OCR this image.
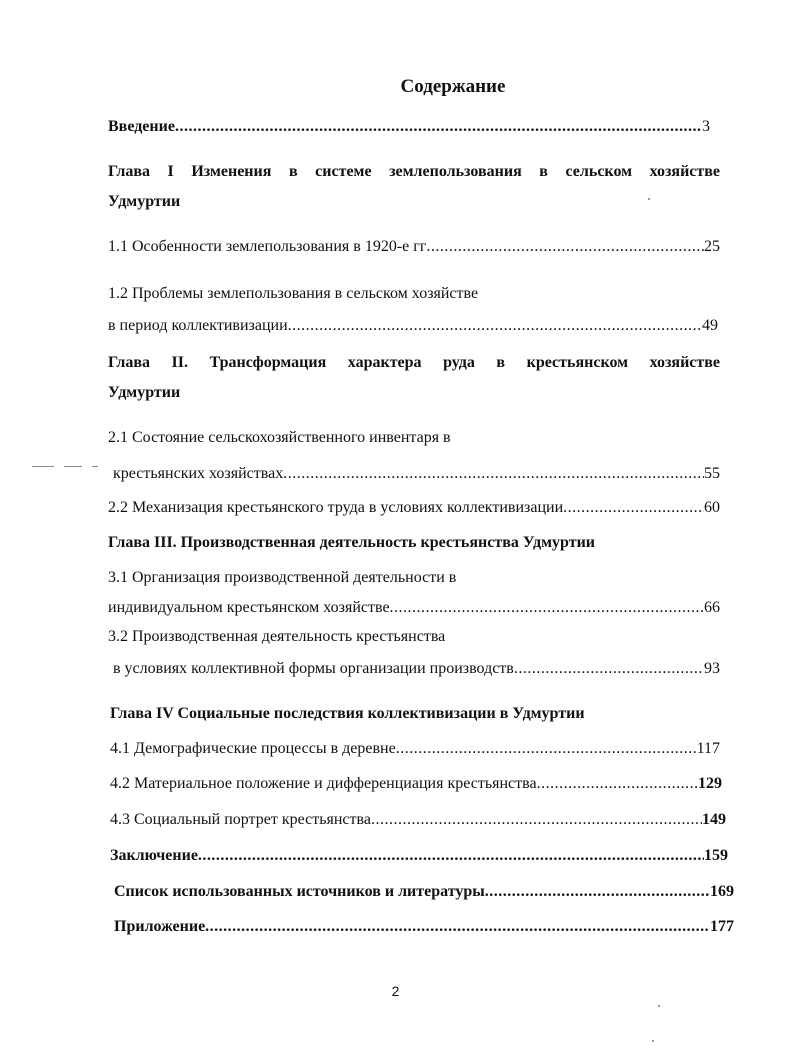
Содержание
Введение .....	3
Глава I Изменения в системе землепользования в сельском хозяйстве
Удмуртии
1.1 Особенности землепользования в 1920-е гг .....	25
1.2 Проблемы землепользования в сельском хозяйстве
в период коллективизации .....	49
Глава II. Трансформация характера руда в крестьянском хозяйстве
Удмуртии
2.1 Состояние сельскохозяйственного инвентаря в
крестьянских хозяйствах .....	55
2.2 Механизация крестьянского труда в условиях коллективизации .....	60
Глава III. Производственная деятельность крестьянства Удмуртии
3.1 Организация производственной деятельности в
индивидуальном крестьянском хозяйстве .....	66
3.2 Производственная деятельность крестьянства
в условиях коллективной формы организации производств .....	93
Глава IV Социальные последствия коллективизации в Удмуртии
4.1 Демографические процессы в деревне .....	117
4.2 Материальное положение и дифференциация крестьянства .....	129
4.3 Социальный портрет крестьянства .....	149
Заключение .....	159
Список использованных источников и литературы .....	169
Приложение .....	177
2
